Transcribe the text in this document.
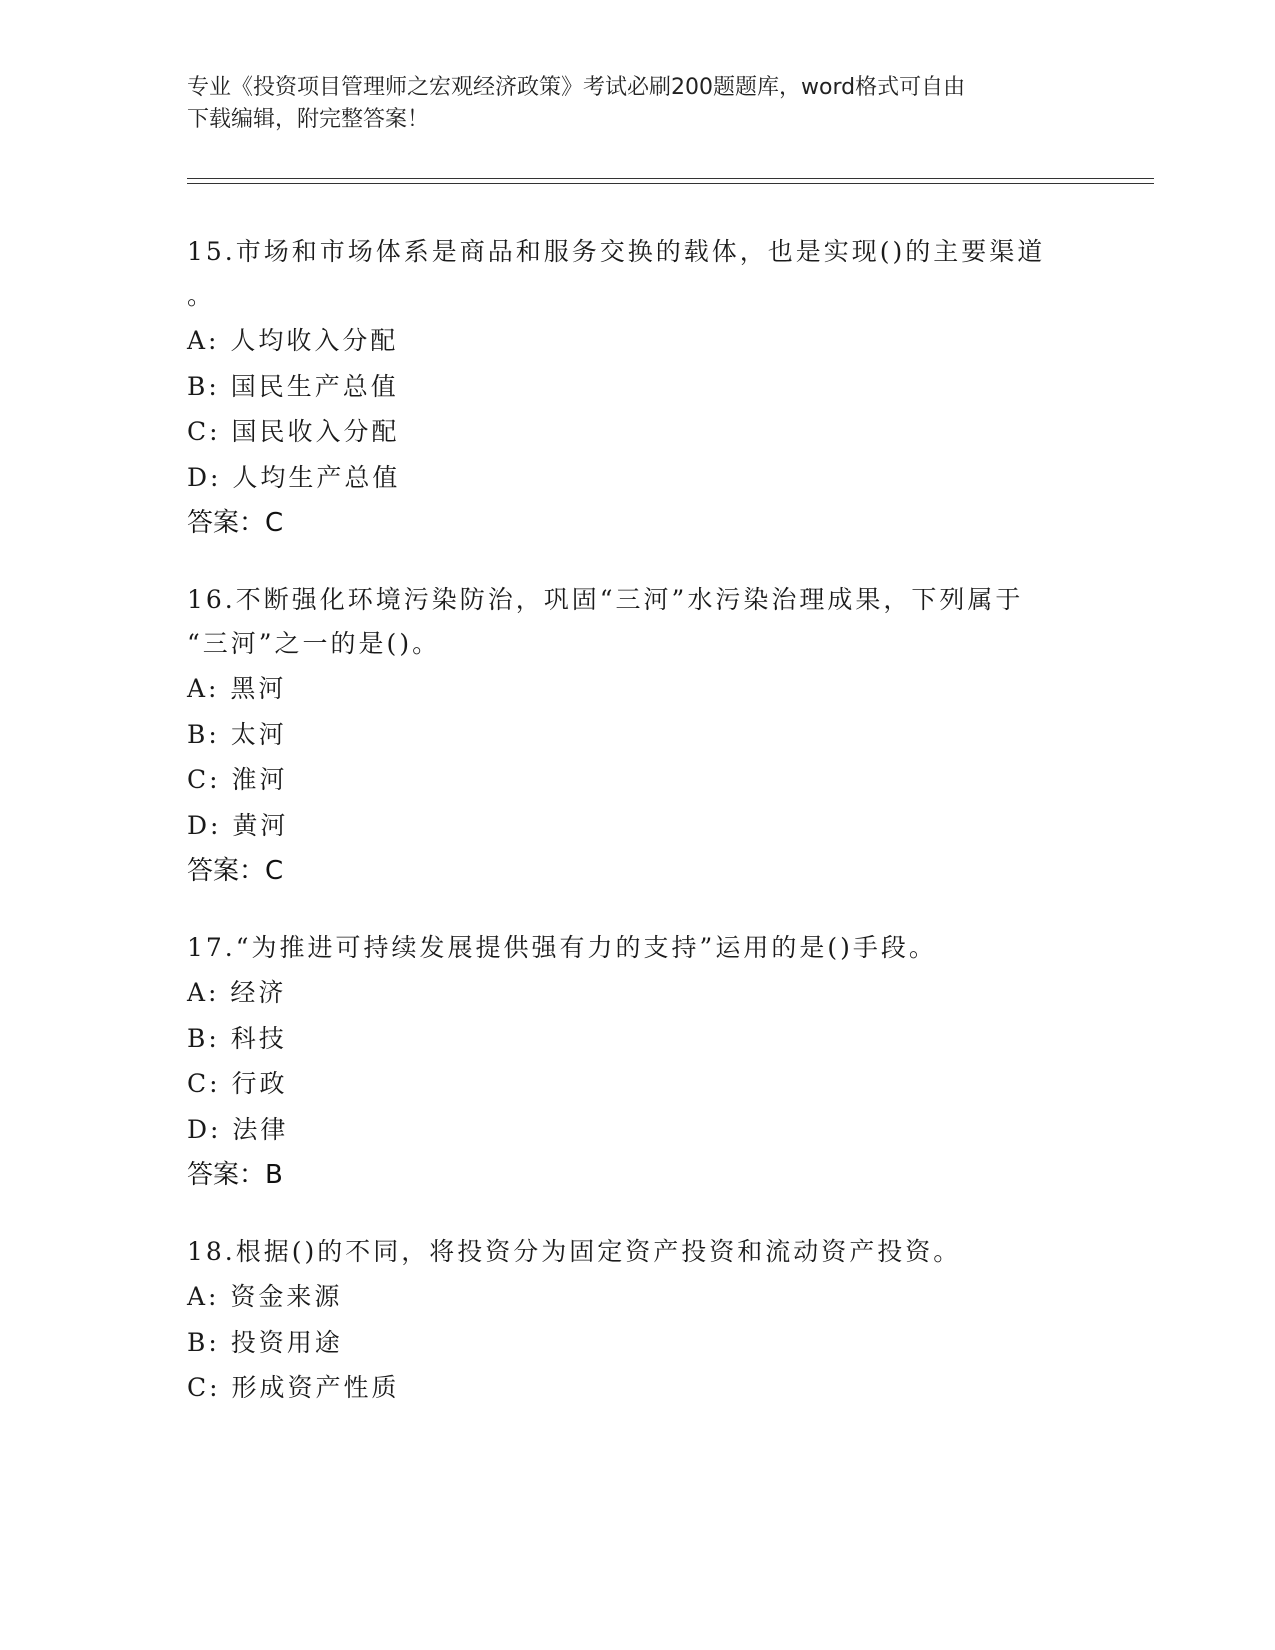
专业《投资项目管理师之宏观经济政策》考试必刷200题题库，word格式可自由
下载编辑，附完整答案！

15.市场和市场体系是商品和服务交换的载体，也是实现()的主要渠道
。

A: 人均收入分配

B: 国民生产总值

C: 国民收入分配

D: 人均生产总值

答案：C

16.不断强化环境污染防治，巩固“三河”水污染治理成果，下列属于
“三河”之一的是()。

A: 黑河

B: 太河

C: 淮河

D: 黄河

答案：C

17.“为推进可持续发展提供强有力的支持”运用的是()手段。

A: 经济

B: 科技

C: 行政

D: 法律

答案：B

18.根据()的不同，将投资分为固定资产投资和流动资产投资。

A: 资金来源

B: 投资用途

C: 形成资产性质
